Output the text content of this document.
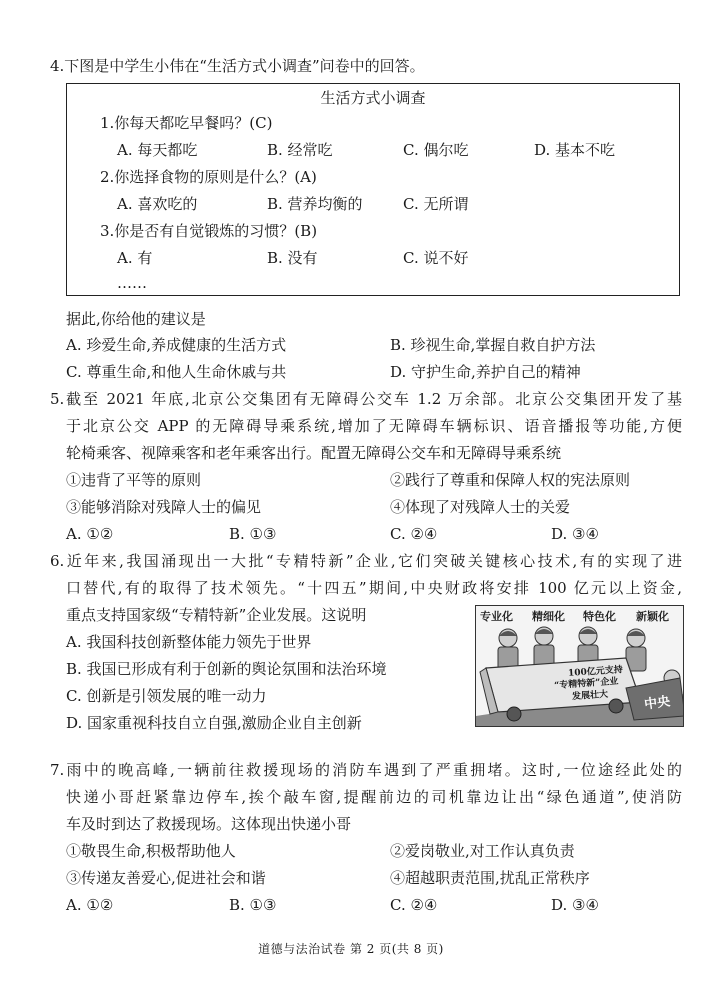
4.下图是中学生小伟在“生活方式小调查”问卷中的回答。
生活方式小调查
1.你每天都吃早餐吗？(C)
A. 每天都吃	B. 经常吃	C. 偶尔吃	D. 基本不吃
2.你选择食物的原则是什么？(A)
A. 喜欢吃的	B. 营养均衡的	C. 无所谓
3.你是否有自觉锻炼的习惯？(B)
A. 有	B. 没有	C. 说不好
……
据此,你给他的建议是
A. 珍爱生命,养成健康的生活方式	B. 珍视生命,掌握自救自护方法
C. 尊重生命,和他人生命休戚与共	D. 守护生命,养护自己的精神
5.截至 2021 年底,北京公交集团有无障碍公交车 1.2 万余部。北京公交集团开发了基
于北京公交 APP 的无障碍导乘系统,增加了无障碍车辆标识、语音播报等功能,方便
轮椅乘客、视障乘客和老年乘客出行。配置无障碍公交车和无障碍导乘系统
①违背了平等的原则	②践行了尊重和保障人权的宪法原则
③能够消除对残障人士的偏见	④体现了对残障人士的关爱
A. ①②	B. ①③	C. ②④	D. ③④
6.近年来,我国涌现出一大批“专精特新”企业,它们突破关键核心技术,有的实现了进
口替代,有的取得了技术领先。“十四五”期间,中央财政将安排 100 亿元以上资金,
重点支持国家级“专精特新”企业发展。这说明
A. 我国科技创新整体能力领先于世界
B. 我国已形成有利于创新的舆论氛围和法治环境
C. 创新是引领发展的唯一动力
D. 国家重视科技自立自强,激励企业自主创新
专业化 精细化 特色化 新颖化
100亿元支持
“专精特新”企业
发展壮大	中央
7.雨中的晚高峰,一辆前往救援现场的消防车遇到了严重拥堵。这时,一位途经此处的
快递小哥赶紧靠边停车,挨个敲车窗,提醒前边的司机靠边让出“绿色通道”,使消防
车及时到达了救援现场。这体现出快递小哥
①敬畏生命,积极帮助他人	②爱岗敬业,对工作认真负责
③传递友善爱心,促进社会和谐	④超越职责范围,扰乱正常秩序
A. ①②	B. ①③	C. ②④	D. ③④
道德与法治试卷 第 2 页(共 8 页)
